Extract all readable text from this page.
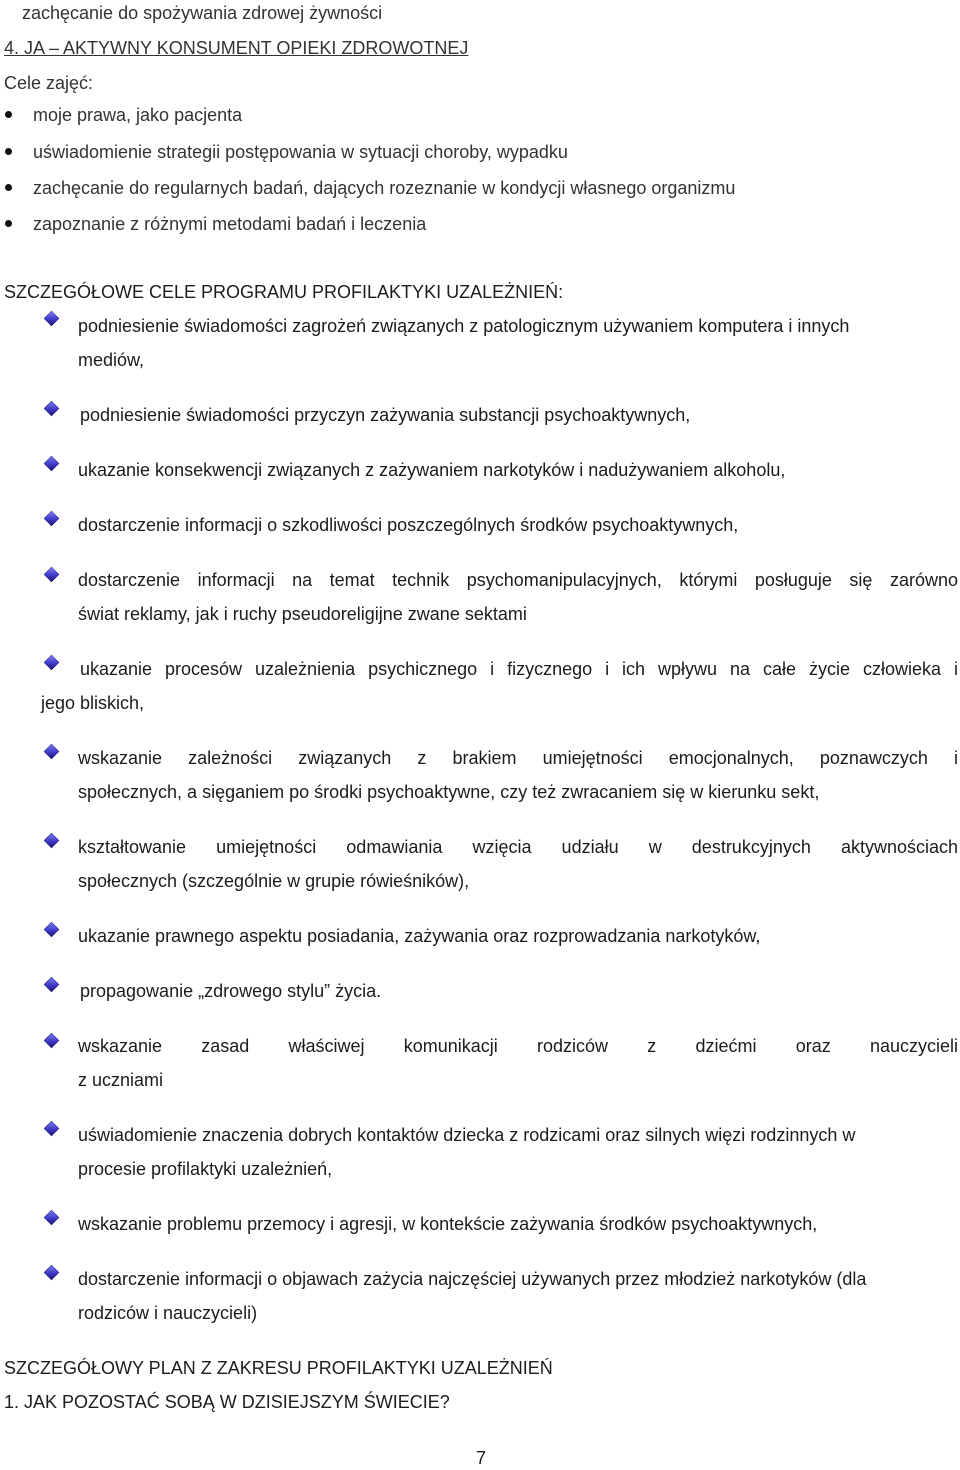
zachęcanie do spożywania zdrowej żywności
4. JA – AKTYWNY KONSUMENT OPIEKI ZDROWOTNEJ
Cele zajęć:
moje prawa, jako pacjenta
uświadomienie strategii postępowania w sytuacji choroby, wypadku
zachęcanie do regularnych badań, dających rozeznanie w kondycji własnego organizmu
zapoznanie z różnymi metodami badań i leczenia
SZCZEGÓŁOWE CELE PROGRAMU PROFILAKTYKI UZALEŻNIEŃ:
podniesienie świadomości zagrożeń związanych z patologicznym używaniem komputera i innych
mediów,
podniesienie świadomości przyczyn zażywania substancji psychoaktywnych,
ukazanie konsekwencji związanych z zażywaniem narkotyków i nadużywaniem alkoholu,
dostarczenie informacji o szkodliwości poszczególnych środków psychoaktywnych,
dostarczenie informacji na temat technik psychomanipulacyjnych, którymi posługuje się zarówno
świat reklamy, jak i ruchy pseudoreligijne zwane sektami
ukazanie procesów uzależnienia psychicznego i fizycznego i ich wpływu na całe życie człowieka i
jego bliskich,
wskazanie zależności związanych z brakiem umiejętności emocjonalnych, poznawczych i
społecznych, a sięganiem po środki psychoaktywne, czy też zwracaniem się w kierunku sekt,
kształtowanie umiejętności odmawiania wzięcia udziału w destrukcyjnych aktywnościach
społecznych (szczególnie w grupie rówieśników),
ukazanie prawnego aspektu posiadania, zażywania oraz rozprowadzania narkotyków,
propagowanie „zdrowego stylu” życia.
wskazanie zasad właściwej komunikacji rodziców z dziećmi oraz nauczycieli
z uczniami
uświadomienie znaczenia dobrych kontaktów dziecka z rodzicami oraz silnych więzi rodzinnych w
procesie profilaktyki uzależnień,
wskazanie problemu przemocy i agresji, w kontekście zażywania środków psychoaktywnych,
dostarczenie informacji o objawach zażycia najczęściej używanych przez młodzież narkotyków (dla
rodziców i nauczycieli)
SZCZEGÓŁOWY PLAN Z ZAKRESU PROFILAKTYKI UZALEŻNIEŃ
1. JAK POZOSTAĆ SOBĄ W DZISIEJSZYM ŚWIECIE?
7
